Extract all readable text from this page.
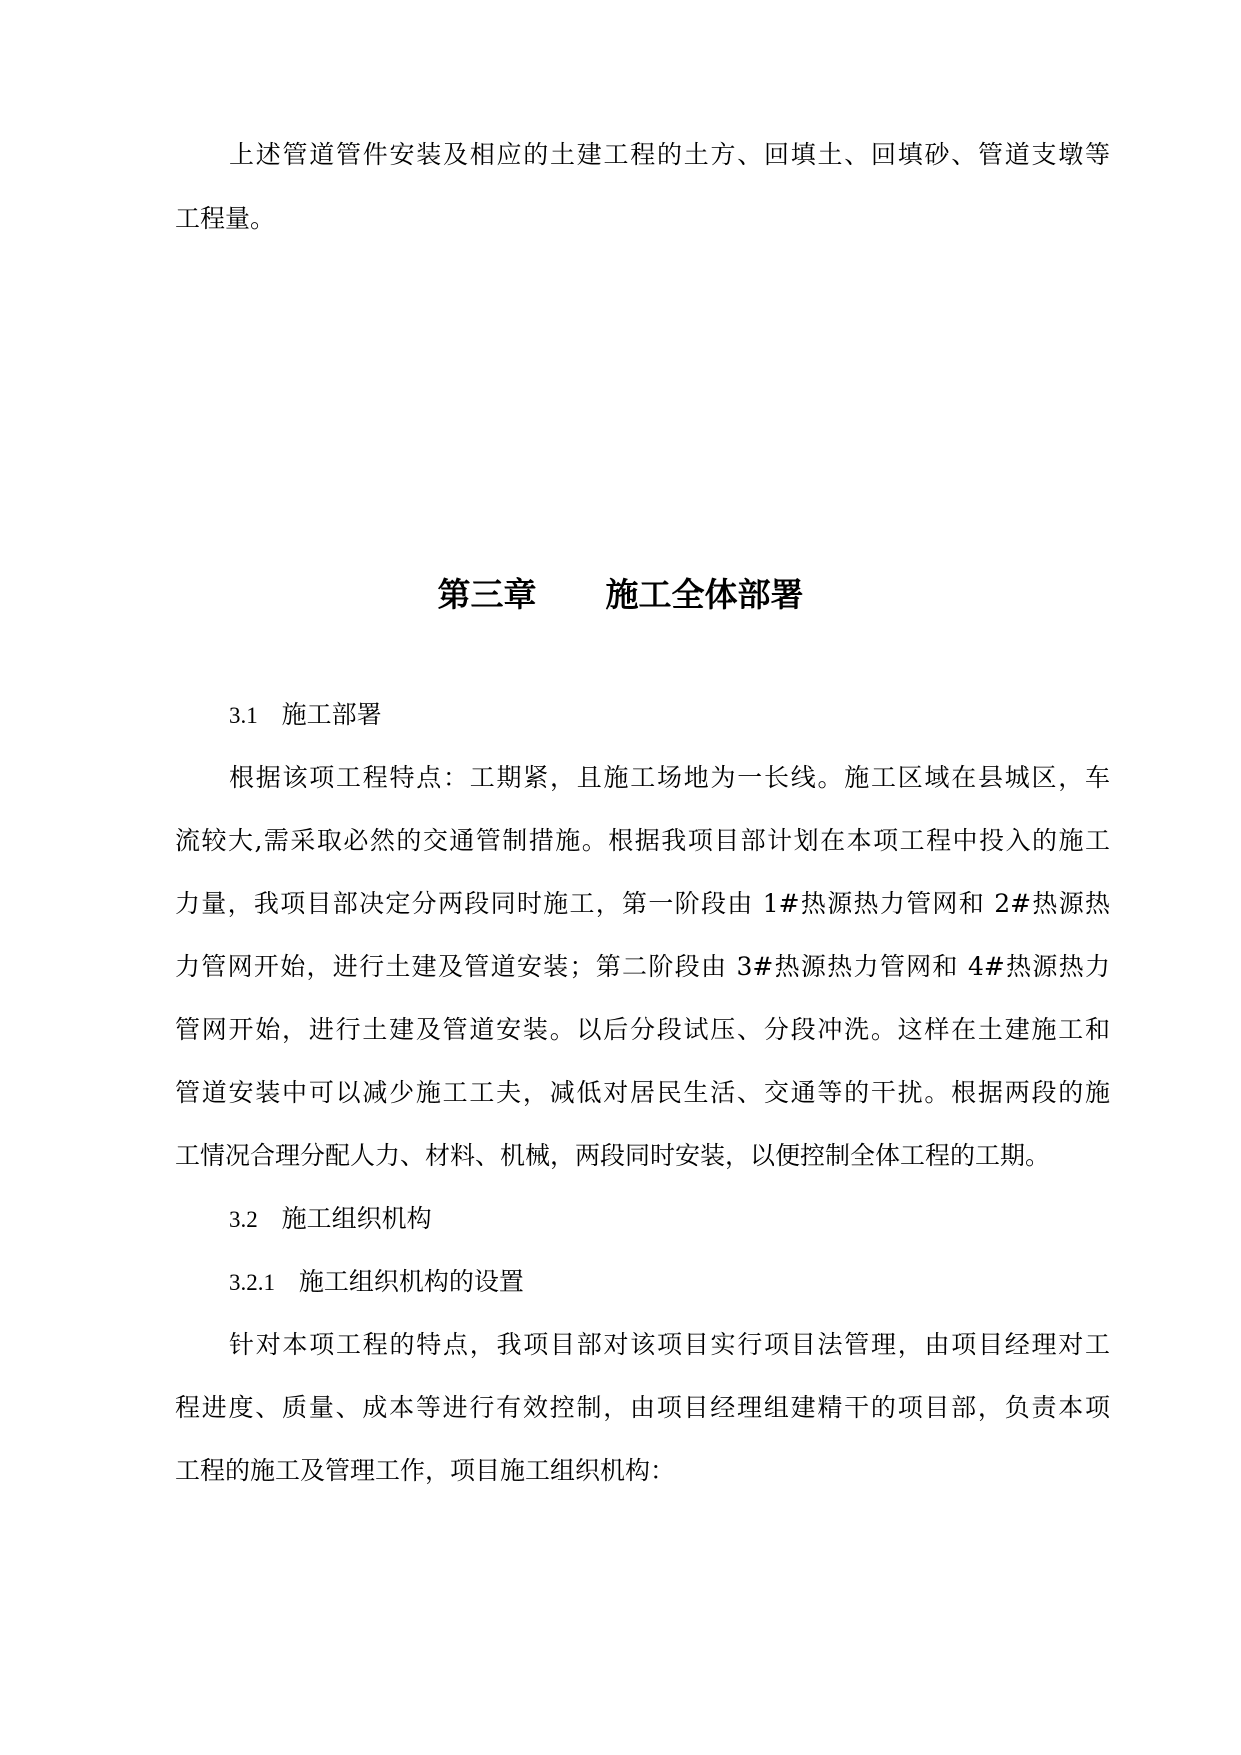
上述管道管件安装及相应的土建工程的土方、回填土、回填砂、管道支墩等
工程量。
第三章      施工全体部署
3.1 施工部署
根据该项工程特点：工期紧，且施工场地为一长线。施工区域在县城区，车
流较大,需采取必然的交通管制措施。根据我项目部计划在本项工程中投入的施工
力量，我项目部决定分两段同时施工，第一阶段由 1#热源热力管网和 2#热源热
力管网开始，进行土建及管道安装；第二阶段由 3#热源热力管网和 4#热源热力
管网开始，进行土建及管道安装。以后分段试压、分段冲洗。这样在土建施工和
管道安装中可以减少施工工夫，减低对居民生活、交通等的干扰。根据两段的施
工情况合理分配人力、材料、机械，两段同时安装，以便控制全体工程的工期。
3.2 施工组织机构
3.2.1 施工组织机构的设置
针对本项工程的特点，我项目部对该项目实行项目法管理，由项目经理对工
程进度、质量、成本等进行有效控制，由项目经理组建精干的项目部，负责本项
工程的施工及管理工作，项目施工组织机构：
